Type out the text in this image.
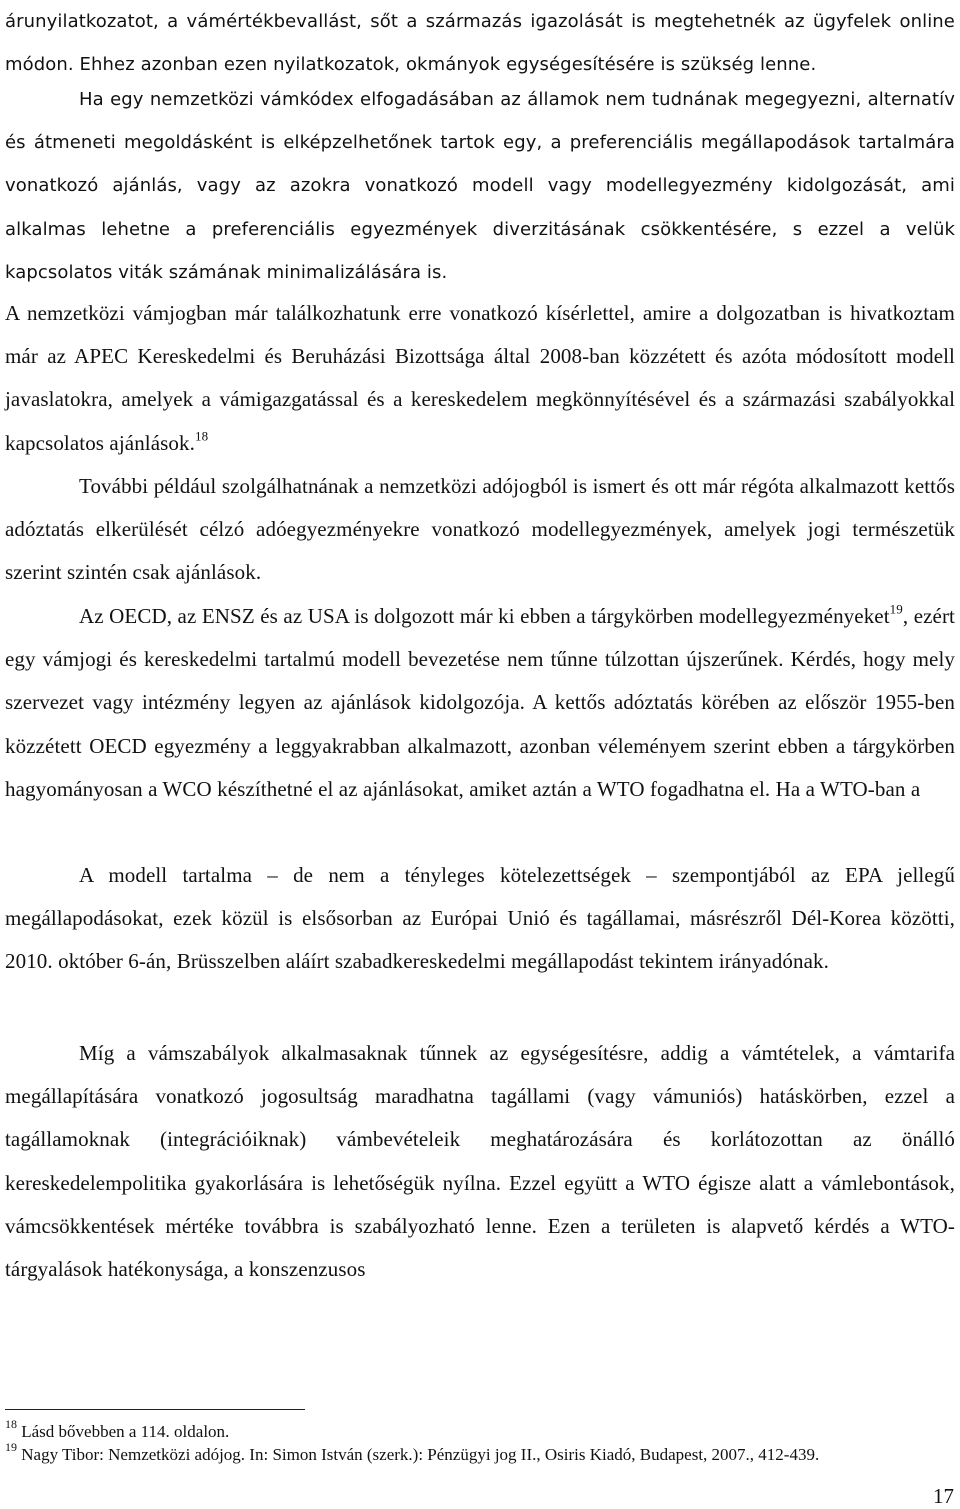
árunyilatkozatot, a vámértékbevallást, sőt a származás igazolását is megtehetnék az ügyfelek online módon. Ehhez azonban ezen nyilatkozatok, okmányok egységesítésére is szükség lenne.

Ha egy nemzetközi vámkódex elfogadásában az államok nem tudnának megegyezni, alternatív és átmeneti megoldásként is elképzelhetőnek tartok egy, a preferenciális megállapodások tartalmára vonatkozó ajánlás, vagy az azokra vonatkozó modell vagy modellegyezmény kidolgozását, ami alkalmas lehetne a preferenciális egyezmények diverzitásának csökkentésére, s ezzel a velük kapcsolatos viták számának minimalizálására is.

A nemzetközi vámjogban már találkozhatunk erre vonatkozó kísérlettel, amire a dolgozatban is hivatkoztam már az APEC Kereskedelmi és Beruházási Bizottsága által 2008-ban közzétett és azóta módosított modell javaslatokra, amelyek a vámigazgatással és a kereskedelem megkönnyítésével és a származási szabályokkal kapcsolatos ajánlások.$^{18}$

További például szolgálhatnának a nemzetközi adójogból is ismert és ott már régóta alkalmazott kettős adóztatás elkerülését célzó adóegyezményekre vonatkozó modellegyezmények, amelyek jogi természetük szerint szintén csak ajánlások.

Az OECD, az ENSZ és az USA is dolgozott már ki ebben a tárgykörben modellegyezményeket$^{19}$, ezért egy vámjogi és kereskedelmi tartalmú modell bevezetése nem tűnne túlzottan újszerűnek. Kérdés, hogy mely szervezet vagy intézmény legyen az ajánlások kidolgozója. A kettős adóztatás körében az először 1955-ben közzétett OECD egyezmény a leggyakrabban alkalmazott, azonban véleményem szerint ebben a tárgykörben hagyományosan a WCO készíthetné el az ajánlásokat, amiket aztán a WTO fogadhatna el. Ha a WTO-ban a

A modell tartalma – de nem a tényleges kötelezettségek – szempontjából az EPA jellegű megállapodásokat, ezek közül is elsősorban az Európai Unió és tagállamai, másrészről Dél-Korea közötti, 2010. október 6-án, Brüsszelben aláírt szabadkereskedelmi megállapodást tekintem irányadónak.

Míg a vámszabályok alkalmasaknak tűnnek az egységesítésre, addig a vámtételek, a vámtarifa megállapítására vonatkozó jogosultság maradhatna tagállami (vagy vámuniós) hatáskörben, ezzel a tagállamoknak (integrációiknak) vámbevételeik meghatározására és korlátozottan az önálló kereskedelempolitika gyakorlására is lehetőségük nyílna. Ezzel együtt a WTO égisze alatt a vámlebontások, vámcsökkentések mértéke továbbra is szabályozható lenne. Ezen a területen is alapvető kérdés a WTO-tárgyalások hatékonysága, a konszenzusos

$^{18}$ Lásd bővebben a 114. oldalon.

$^{19}$ Nagy Tibor: Nemzetközi adójog. In: Simon István (szerk.): Pénzügyi jog II., Osiris Kiadó, Budapest, 2007., 412-439.

17
